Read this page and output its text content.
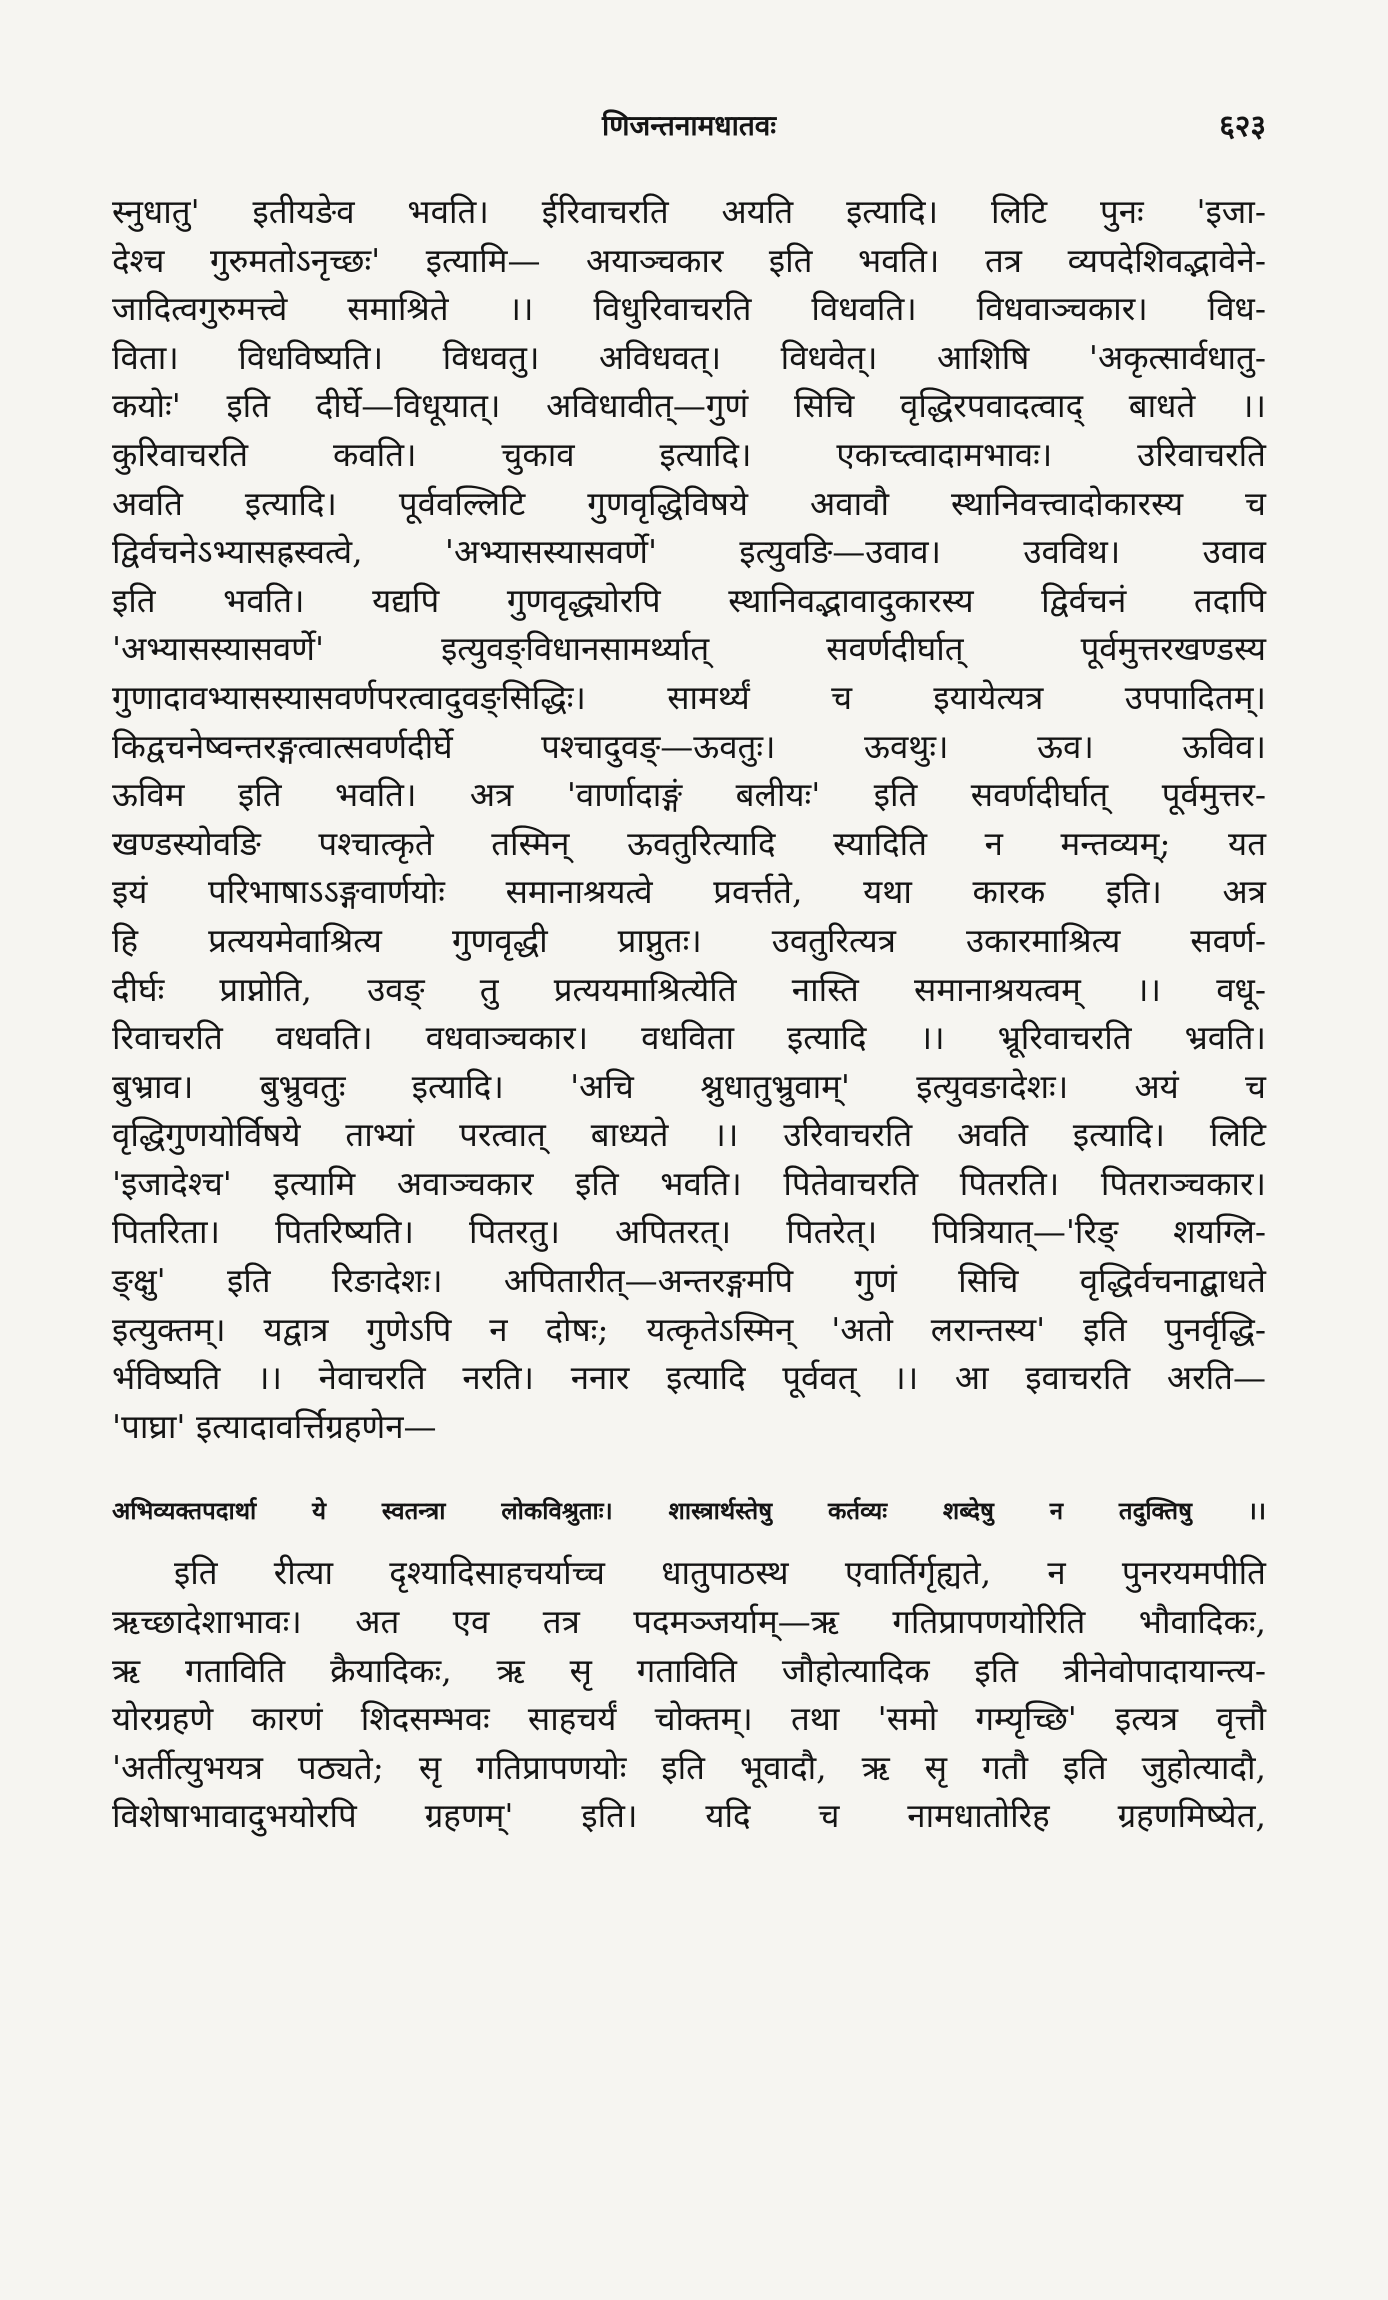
णिजन्तनामधातवः	६२३

स्नुधातु' इतीयङेव भवति। ईरिवाचरति अयति इत्यादि। लिटि पुनः 'इजा-

देश्च गुरुमतोऽनृच्छः' इत्यामि— अयाञ्चकार इति भवति। तत्र व्यपदेशिवद्भावेने-

जादित्वगुरुमत्त्वे समाश्रिते ।। विधुरिवाचरति विधवति। विधवाञ्चकार। विध-

विता। विधविष्यति। विधवतु। अविधवत्। विधवेत्। आशिषि 'अकृत्सार्वधातु-

कयोः' इति दीर्घे—विधूयात्। अविधावीत्—गुणं सिचि वृद्धिरपवादत्वाद् बाधते ।।

कुरिवाचरति कवति। चुकाव इत्यादि। एकाच्त्वादामभावः। उरिवाचरति

अवति इत्यादि। पूर्ववल्लिटि गुणवृद्धिविषये अवावौ स्थानिवत्त्वादोकारस्य च

द्विर्वचनेऽभ्यासह्रस्वत्वे, 'अभ्यासस्यासवर्णे' इत्युवङि—उवाव। उवविथ। उवाव

इति भवति। यद्यपि गुणवृद्ध्योरपि स्थानिवद्भावादुकारस्य द्विर्वचनं तदापि

'अभ्यासस्यासवर्णे' इत्युवङ्विधानसामर्थ्यात् सवर्णदीर्घात् पूर्वमुत्तरखण्डस्य

गुणादावभ्यासस्यासवर्णपरत्वादुवङ्सिद्धिः। सामर्थ्यं च इयायेत्यत्र उपपादितम्।

किद्वचनेष्वन्तरङ्गत्वात्सवर्णदीर्घे पश्चादुवङ्—ऊवतुः। ऊवथुः। ऊव। ऊविव।

ऊविम इति भवति। अत्र 'वार्णादाङ्गं बलीयः' इति सवर्णदीर्घात् पूर्वमुत्तर-

खण्डस्योवङि पश्चात्कृते तस्मिन् ऊवतुरित्यादि स्यादिति न मन्तव्यम्; यत

इयं परिभाषाऽऽङ्गवार्णयोः समानाश्रयत्वे प्रवर्त्तते, यथा कारक इति। अत्र

हि प्रत्ययमेवाश्रित्य गुणवृद्धी प्राप्नुतः। उवतुरित्यत्र उकारमाश्रित्य सवर्ण-

दीर्घः प्राप्नोति, उवङ् तु प्रत्ययमाश्रित्येति नास्ति समानाश्रयत्वम् ।। वधू-

रिवाचरति वधवति। वधवाञ्चकार। वधविता इत्यादि ।। भ्रूरिवाचरति भ्रवति।

बुभ्राव। बुभ्रुवतुः इत्यादि। 'अचि श्नुधातुभ्रुवाम्' इत्युवङादेशः। अयं च

वृद्धिगुणयोर्विषये ताभ्यां परत्वात् बाध्यते ।। उरिवाचरति अवति इत्यादि। लिटि

'इजादेश्च' इत्यामि अवाञ्चकार इति भवति। पितेवाचरति पितरति। पितराञ्चकार।

पितरिता। पितरिष्यति। पितरतु। अपितरत्। पितरेत्। पित्रियात्—'रिङ् शयग्लि-

ङ्क्षु' इति रिङादेशः। अपितारीत्—अन्तरङ्गमपि गुणं सिचि वृद्धिर्वचनाद्बाधते

इत्युक्तम्। यद्वात्र गुणेऽपि न दोषः; यत्कृतेऽस्मिन् 'अतो लरान्तस्य' इति पुनर्वृद्धि-

र्भविष्यति ।। नेवाचरति नरति। ननार इत्यादि पूर्ववत् ।। आ इवाचरति अरति—

'पाघ्रा' इत्यादावर्त्तिग्रहणेन—

अभिव्यक्तपदार्था ये स्वतन्त्रा लोकविश्रुताः। शास्त्रार्थस्तेषु कर्तव्यः शब्देषु न तदुक्तिषु ।।

इति रीत्या दृश्यादिसाहचर्याच्च धातुपाठस्थ एवार्तिर्गृह्यते, न पुनरयमपीति

ऋच्छादेशाभावः। अत एव तत्र पदमञ्जर्याम्—ऋ गतिप्रापणयोरिति भौवादिकः,

ऋ गताविति क्रैयादिकः, ऋ सृ गताविति जौहोत्यादिक इति त्रीनेवोपादायान्त्य-

योरग्रहणे कारणं शिदसम्भवः साहचर्यं चोक्तम्। तथा 'समो गम्यृच्छि' इत्यत्र वृत्तौ

'अर्तीत्युभयत्र पठ्यते; सृ गतिप्रापणयोः इति भूवादौ, ऋ सृ गतौ इति जुहोत्यादौ,

विशेषाभावादुभयोरपि ग्रहणम्' इति। यदि च नामधातोरिह ग्रहणमिष्येत,
